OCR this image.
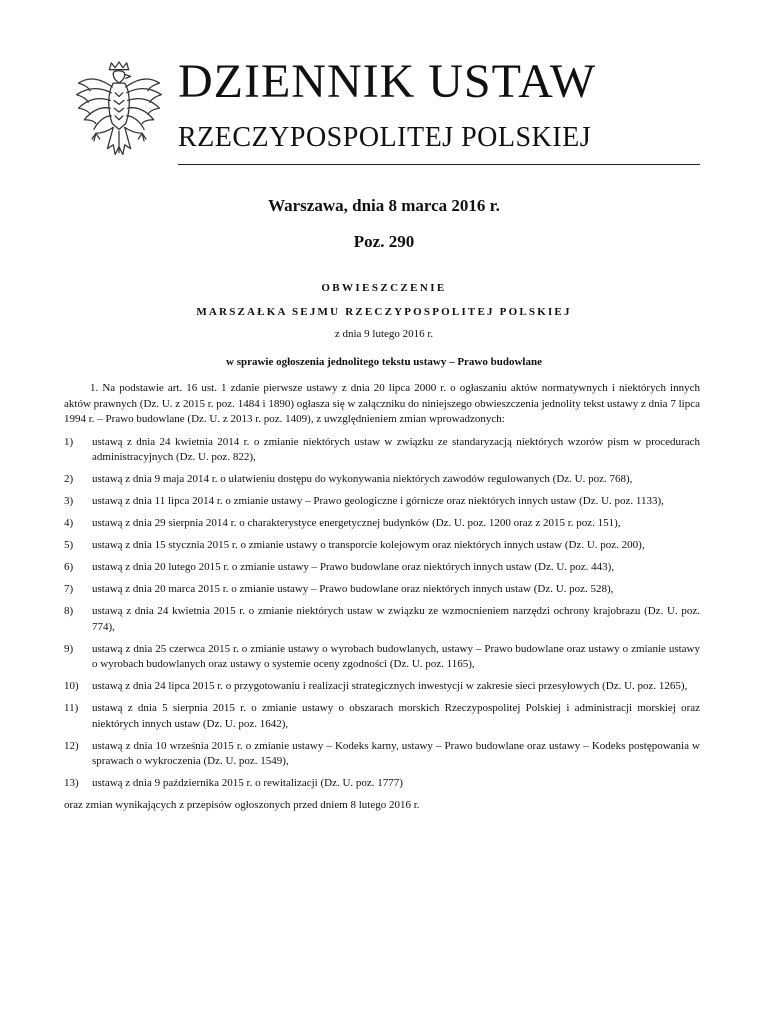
DZIENNIK USTAW
RZECZYPOSPOLITEJ POLSKIEJ
Warszawa, dnia 8 marca 2016 r.
Poz. 290
OBWIESZCZENIE
MARSZAŁKA SEJMU RZECZYPOSPOLITEJ POLSKIEJ
z dnia 9 lutego 2016 r.
w sprawie ogłoszenia jednolitego tekstu ustawy – Prawo budowlane

1. Na podstawie art. 16 ust. 1 zdanie pierwsze ustawy z dnia 20 lipca 2000 r. o ogłaszaniu aktów normatywnych i niektórych innych aktów prawnych (Dz. U. z 2015 r. poz. 1484 i 1890) ogłasza się w załączniku do niniejszego obwieszczenia jednolity tekst ustawy z dnia 7 lipca 1994 r. – Prawo budowlane (Dz. U. z 2013 r. poz. 1409), z uwzględnieniem zmian wprowadzonych:

1)	ustawą z dnia 24 kwietnia 2014 r. o zmianie niektórych ustaw w związku ze standaryzacją niektórych wzorów pism w procedurach administracyjnych (Dz. U. poz. 822),
2)	ustawą z dnia 9 maja 2014 r. o ułatwieniu dostępu do wykonywania niektórych zawodów regulowanych (Dz. U. poz. 768),
3)	ustawą z dnia 11 lipca 2014 r. o zmianie ustawy – Prawo geologiczne i górnicze oraz niektórych innych ustaw (Dz. U. poz. 1133),
4)	ustawą z dnia 29 sierpnia 2014 r. o charakterystyce energetycznej budynków (Dz. U. poz. 1200 oraz z 2015 r. poz. 151),
5)	ustawą z dnia 15 stycznia 2015 r. o zmianie ustawy o transporcie kolejowym oraz niektórych innych ustaw (Dz. U. poz. 200),
6)	ustawą z dnia 20 lutego 2015 r. o zmianie ustawy – Prawo budowlane oraz niektórych innych ustaw (Dz. U. poz. 443),
7)	ustawą z dnia 20 marca 2015 r. o zmianie ustawy – Prawo budowlane oraz niektórych innych ustaw (Dz. U. poz. 528),
8)	ustawą z dnia 24 kwietnia 2015 r. o zmianie niektórych ustaw w związku ze wzmocnieniem narzędzi ochrony krajobrazu (Dz. U. poz. 774),
9)	ustawą z dnia 25 czerwca 2015 r. o zmianie ustawy o wyrobach budowlanych, ustawy – Prawo budowlane oraz ustawy o zmianie ustawy o wyrobach budowlanych oraz ustawy o systemie oceny zgodności (Dz. U. poz. 1165),
10)	ustawą z dnia 24 lipca 2015 r. o przygotowaniu i realizacji strategicznych inwestycji w zakresie sieci przesyłowych (Dz. U. poz. 1265),
11)	ustawą z dnia 5 sierpnia 2015 r. o zmianie ustawy o obszarach morskich Rzeczypospolitej Polskiej i administracji morskiej oraz niektórych innych ustaw (Dz. U. poz. 1642),
12)	ustawą z dnia 10 września 2015 r. o zmianie ustawy – Kodeks karny, ustawy – Prawo budowlane oraz ustawy – Kodeks postępowania w sprawach o wykroczenia (Dz. U. poz. 1549),
13)	ustawą z dnia 9 października 2015 r. o rewitalizacji (Dz. U. poz. 1777)

oraz zmian wynikających z przepisów ogłoszonych przed dniem 8 lutego 2016 r.
